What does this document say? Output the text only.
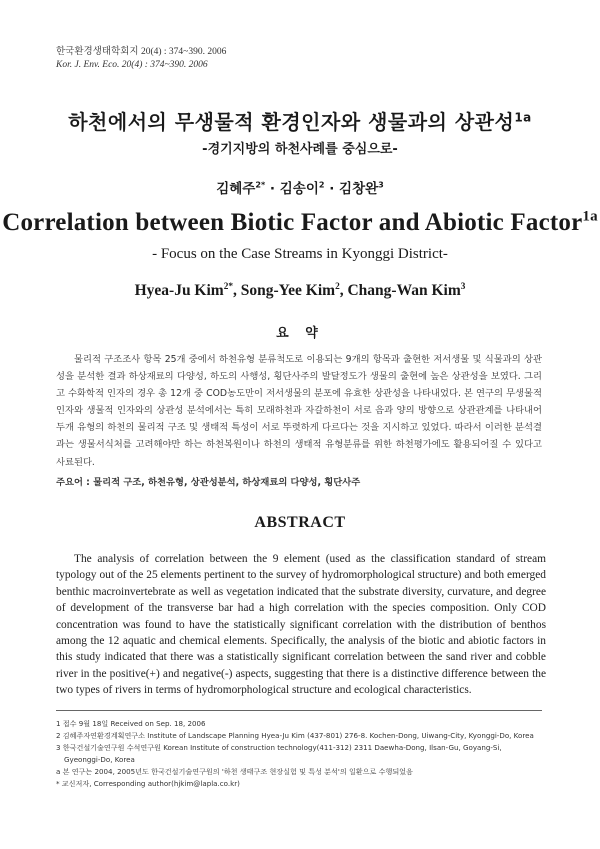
한국환경생태학회지 20(4) : 374~390. 2006
Kor. J. Env. Eco. 20(4) : 374~390. 2006
하천에서의 무생물적 환경인자와 생물과의 상관성$^{1a}$
-경기지방의 하천사례를 중심으로-
김혜주$^{2*}$ · 김송이$^2$ · 김창완$^3$
Correlation between Biotic Factor and Abiotic Factor$^{1a}$
- Focus on the Case Streams in Kyonggi District-
Hyea-Ju Kim$^{2*}$, Song-Yee Kim$^2$, Chang-Wan Kim$^3$
요 약

물리적 구조조사 항목 25개 중에서 하천유형 분류척도로 이용되는 9개의 항목과 출현한 저서생물 및 식물과의 상관성을 분석한 결과 하상재료의 다양성, 하도의 사행성, 횡단사주의 발달정도가 생물의 출현에 높은 상관성을 보였다. 그리고 수화학적 인자의 경우 총 12개 중 COD농도만이 저서생물의 분포에 유효한 상관성을 나타내었다. 본 연구의 무생물적 인자와 생물적 인자와의 상관성 분석에서는 특히 모래하천과 자갈하천이 서로 음과 양의 방향으로 상관관계를 나타내어 두개 유형의 하천의 물리적 구조 및 생태적 특성이 서로 뚜렷하게 다르다는 것을 지시하고 있었다. 따라서 이러한 분석결과는 생물서식처를 고려해야만 하는 하천복원이나 하천의 생태적 유형분류를 위한 하천평가에도 활용되어질 수 있다고 사료된다.

주요어 : 물리적 구조, 하천유형, 상관성분석, 하상재료의 다양성, 횡단사주
ABSTRACT

The analysis of correlation between the 9 element (used as the classification standard of stream typology out of the 25 elements pertinent to the survey of hydromorphological structure) and both emerged benthic macroinvertebrate as well as vegetation indicated that the substrate diversity, curvature, and degree of development of the transverse bar had a high correlation with the species composition. Only COD concentration was found to have the statistically significant correlation with the distribution of benthos among the 12 aquatic and chemical elements. Specifically, the analysis of the biotic and abiotic factors in this study indicated that there was a statistically significant correlation between the sand river and cobble river in the positive(+) and negative(-) aspects, suggesting that there is a distinctive difference between the two types of rivers in terms of hydromorphological structure and ecological characteristics.

1 접수 9월 18일 Received on Sep. 18, 2006
2 김혜주자연환경계획연구소 Institute of Landscape Planning Hyea-Ju Kim (437-801) 276-8. Kochen-Dong, Uiwang-City, Kyonggi-Do, Korea
3 한국건설기술연구원 수석연구원 Korean Institute of construction technology(411-312) 2311 Daewha-Dong, Ilsan-Gu, Goyang-Si,
Gyeonggi-Do, Korea
a 본 연구는 2004, 2005년도 한국건설기술연구원의 '하천 생태구조 현장실험 및 특성 분석'의 일환으로 수행되었음
* 교신저자, Corresponding author(hjkim@lapla.co.kr)
